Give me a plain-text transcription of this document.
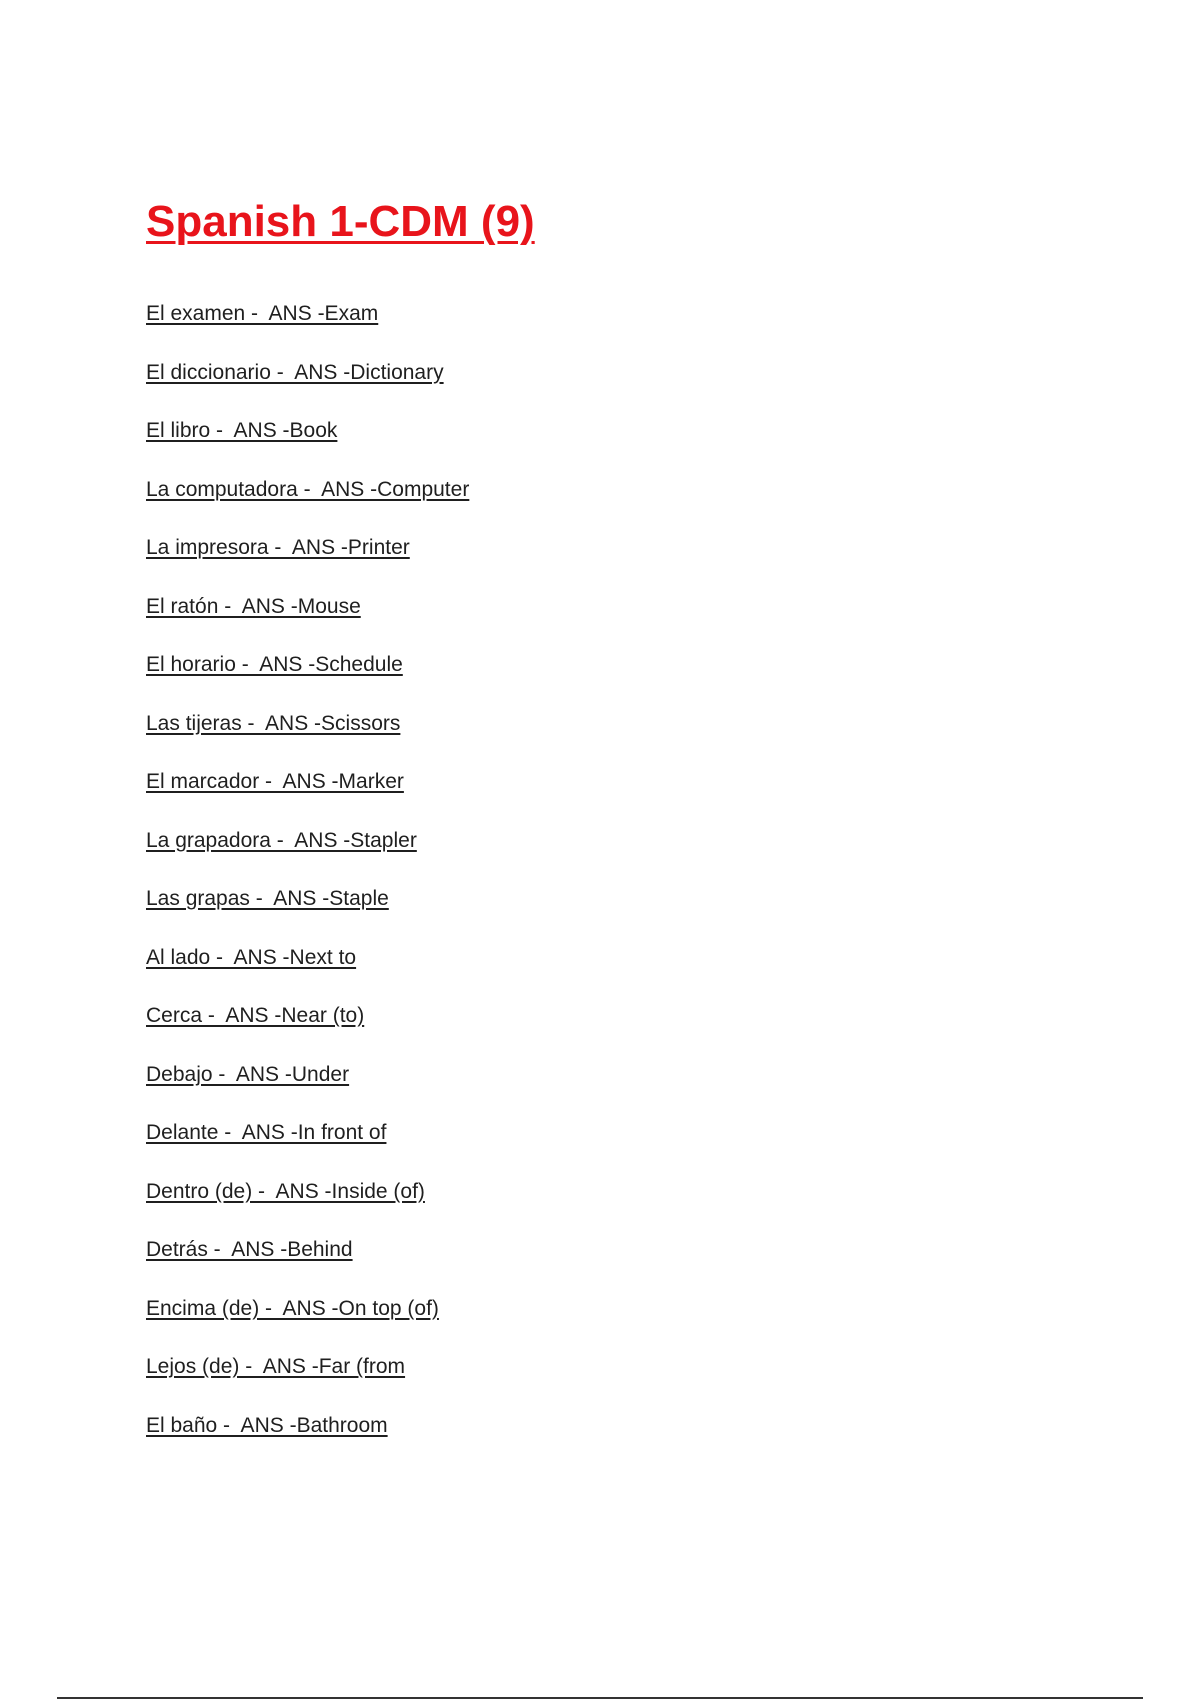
Spanish 1-CDM (9)
El examen -  ANS -Exam
El diccionario -  ANS -Dictionary
El libro -  ANS -Book
La computadora -  ANS -Computer
La impresora -  ANS -Printer
El ratón -  ANS -Mouse
El horario -  ANS -Schedule
Las tijeras -  ANS -Scissors
El marcador -  ANS -Marker
La grapadora -  ANS -Stapler
Las grapas -  ANS -Staple
Al lado -  ANS -Next to
Cerca -  ANS -Near (to)
Debajo -  ANS -Under
Delante -  ANS -In front of
Dentro (de) -  ANS -Inside (of)
Detrás -  ANS -Behind
Encima (de) -  ANS -On top (of)
Lejos (de) -  ANS -Far (from
El baño -  ANS -Bathroom
